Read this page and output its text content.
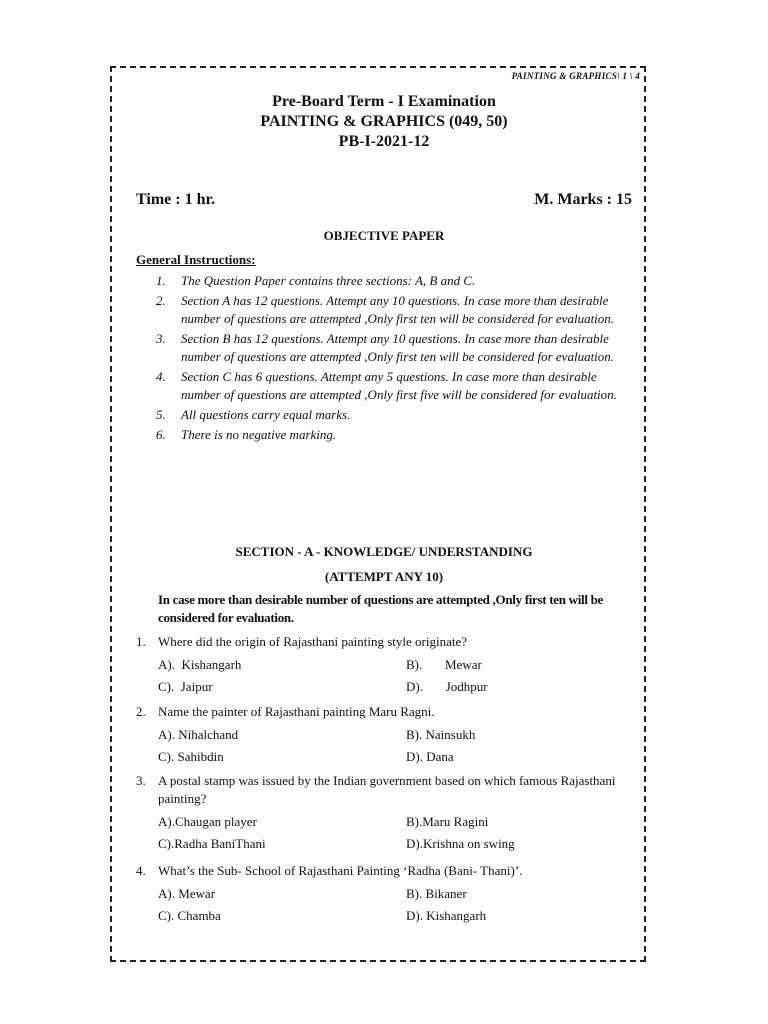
PAINTING & GRAPHICS\ 1 \ 4
Pre-Board Term - I Examination
PAINTING & GRAPHICS (049, 50)
PB-I-2021-12
Time : 1 hr.	M. Marks : 15
OBJECTIVE PAPER
General Instructions:
1.	The Question Paper contains three sections: A, B and C.
2.	Section A has 12 questions. Attempt any 10 questions. In case more than desirable number of questions are attempted ,Only first ten will be considered for evaluation.
3.	Section B has 12 questions. Attempt any 10 questions. In case more than desirable number of questions are attempted ,Only first ten will be considered for evaluation.
4.	Section C has 6 questions. Attempt any 5 questions. In case more than desirable number of questions are attempted ,Only first five will be considered for evaluation.
5.	All questions carry equal marks.
6.	There is no negative marking.
SECTION - A - KNOWLEDGE/ UNDERSTANDING
(ATTEMPT ANY 10)
In case more than desirable number of questions are attempted ,Only first ten will be considered for evaluation.
1. Where did the origin of Rajasthani painting style originate?
A).  Kishangarh	B).       Mewar
C).  Jaipur	D).       Jodhpur
2. Name the painter of Rajasthani painting Maru Ragni.
A). Nihalchand	B). Nainsukh
C). Sahibdin	D). Dana
3. A postal stamp was issued by the Indian government based on which famous Rajasthani painting?
A).Chaugan player	B).Maru Ragini
C).Radha BaniThani	D).Krishna on swing
4. What’s the Sub- School of Rajasthani Painting ‘Radha (Bani- Thani)’.
A). Mewar	B). Bikaner
C). Chamba	D). Kishangarh
